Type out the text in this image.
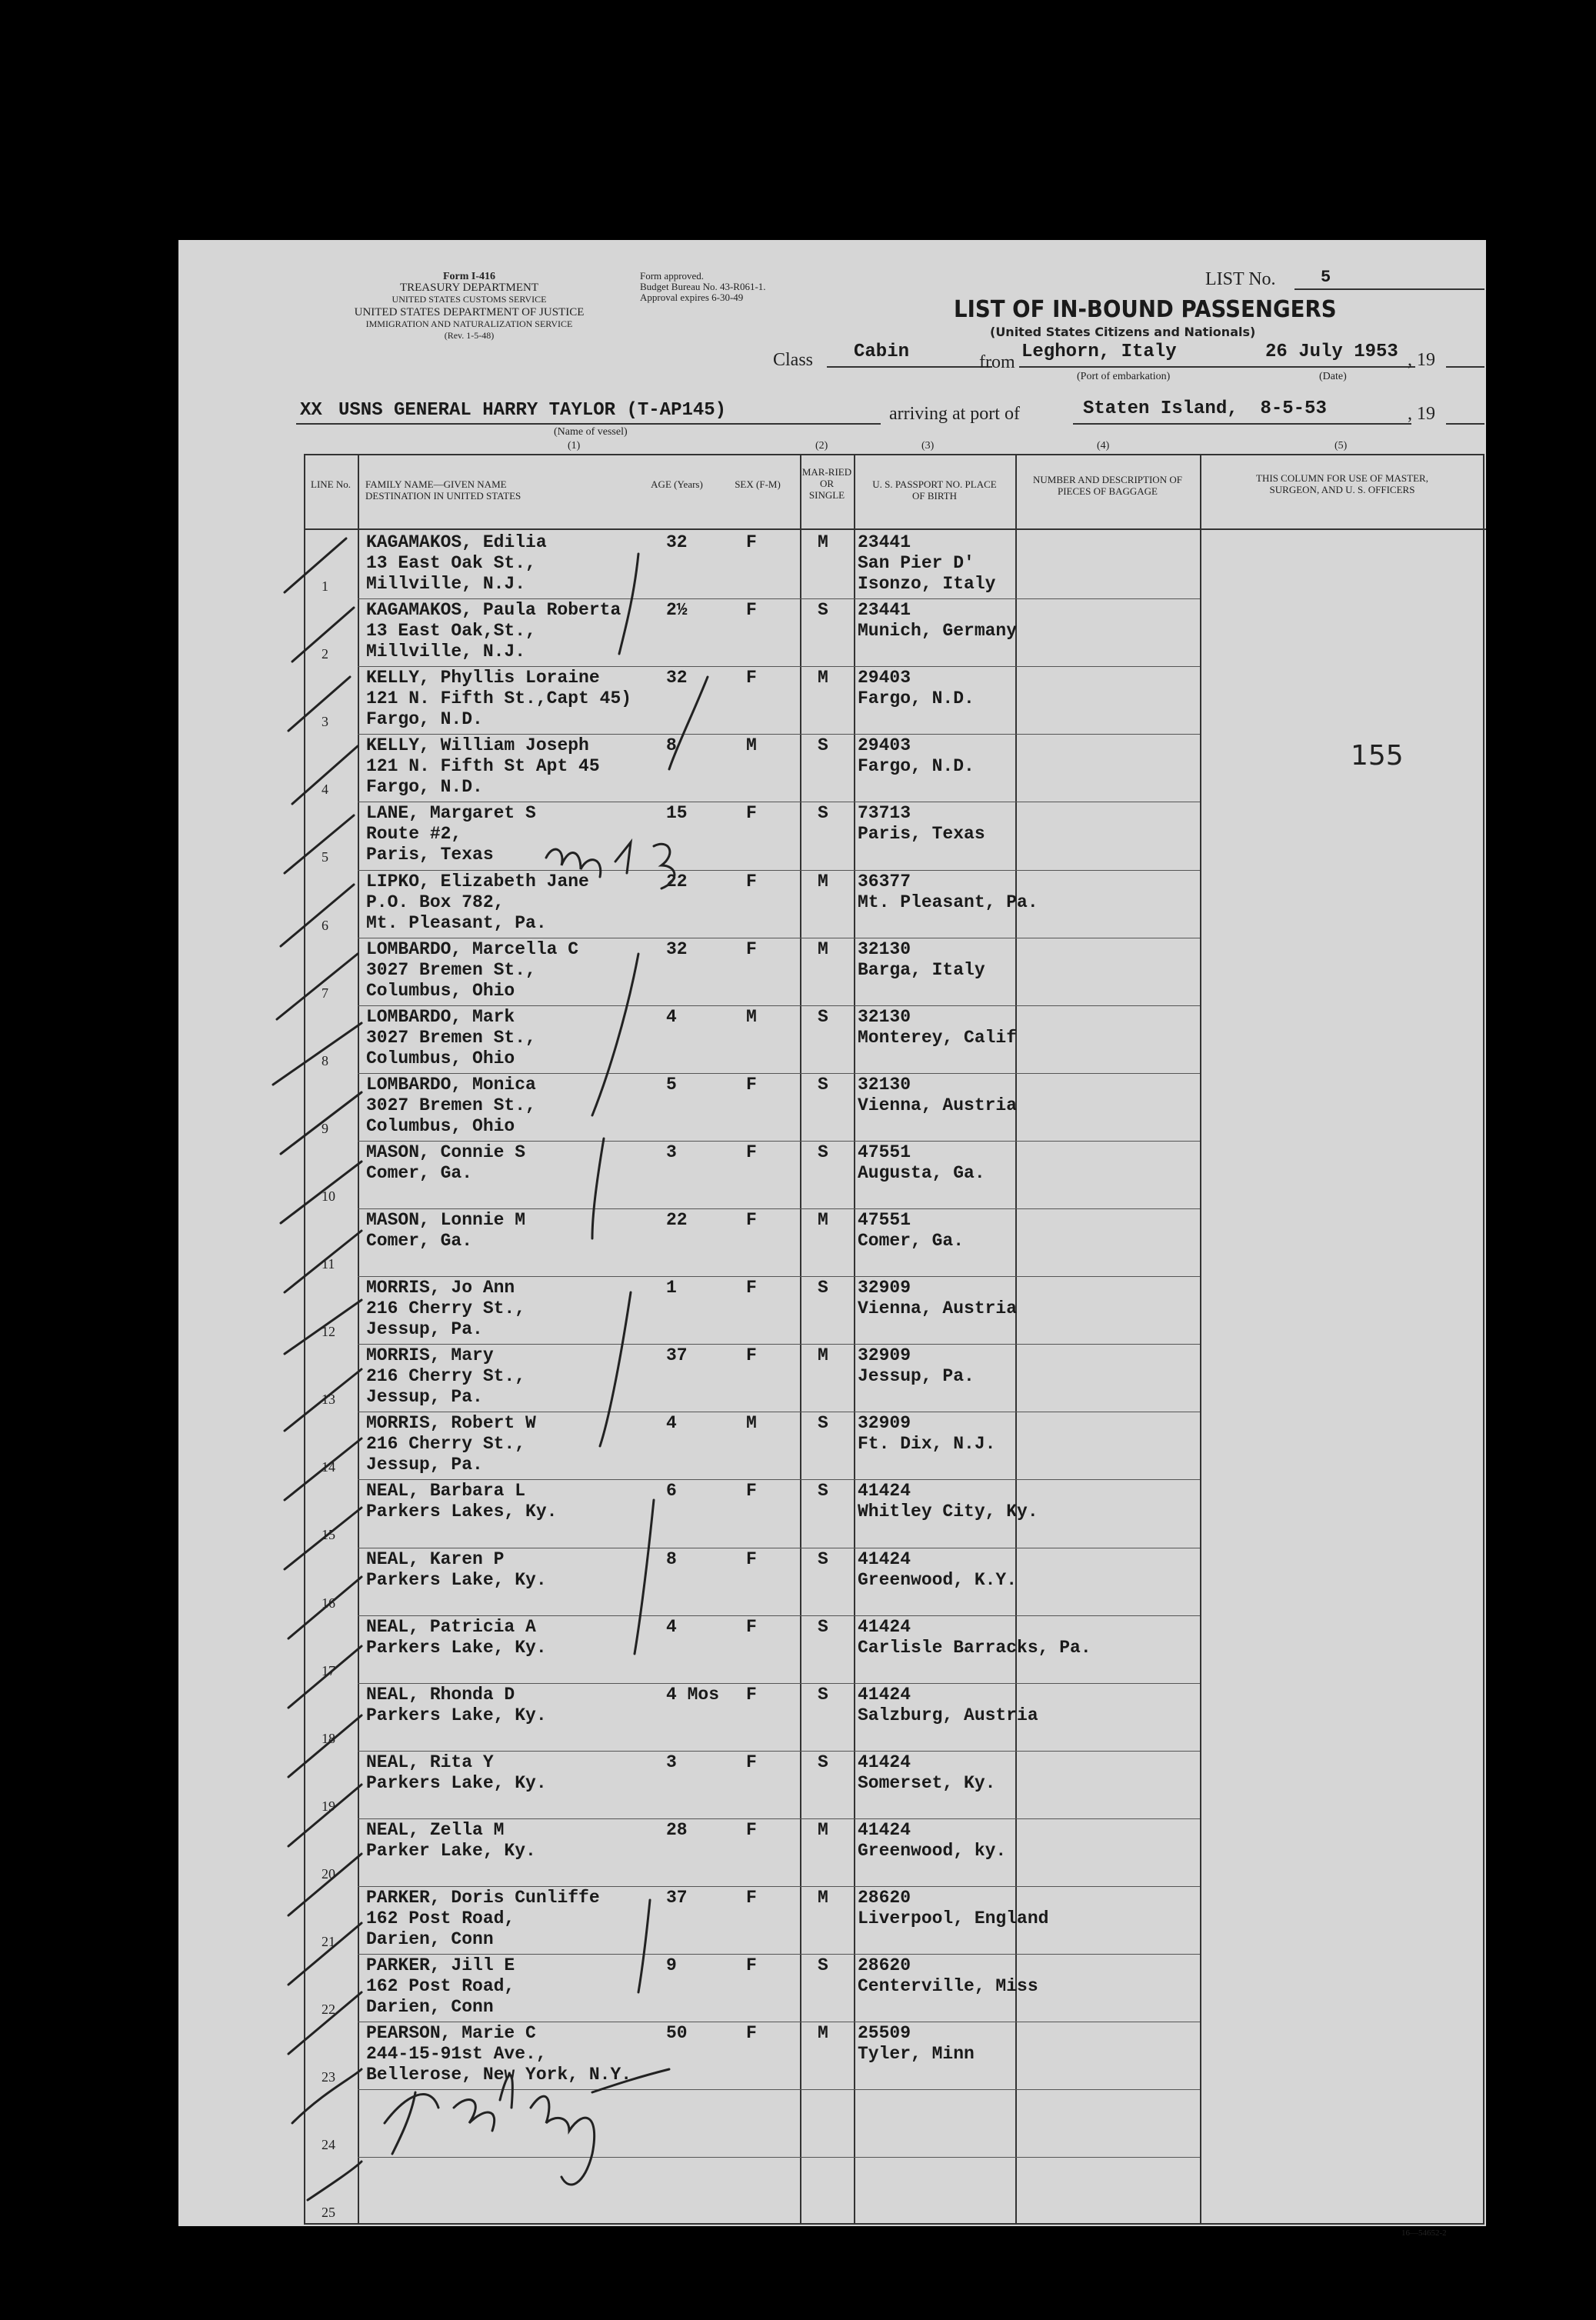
Form I-416
TREASURY DEPARTMENT
UNITED STATES CUSTOMS SERVICE
UNITED STATES DEPARTMENT OF JUSTICE
IMMIGRATION AND NATURALIZATION SERVICE
(Rev. 1-5-48)
Form approved.
Budget Bureau No. 43-R061-1.
Approval expires 6-30-49
LIST No.	5
LIST OF IN-BOUND PASSENGERS
(United States Citizens and Nationals)
Class Cabin	from Leghorn, Italy	26 July 1953 , 19
(Port of embarkation)	(Date)
XX USNS GENERAL HARRY TAYLOR (T-AP145)	arriving at port of	Staten Island,  8-5-53	, 19
(Name of vessel)
(1)	(2)	(3)	(4)	(5)
LINE No.	FAMILY NAME—GIVEN NAME DESTINATION IN UNITED STATES
AGE (Years)	SEX (F-M)
MAR-RIED OR SINGLE
U. S. PASSPORT NO. PLACE OF BIRTH
NUMBER AND DESCRIPTION OF PIECES OF BAGGAGE
THIS COLUMN FOR USE OF MASTER, SURGEON, AND U. S. OFFICERS
1
KAGAMAKOS, Edilia
13 East Oak St.,
Millville, N.J.
32	F	M 23441
San Pier D'
Isonzo, Italy
2
KAGAMAKOS, Paula Roberta
13 East Oak,St.,
Millville, N.J.
2½	F	S 23441
Munich, Germany
3
KELLY, Phyllis Loraine
121 N. Fifth St.,Capt 45)
Fargo, N.D.
32	F	M 29403
Fargo, N.D.
4
KELLY, William Joseph
121 N. Fifth St Apt 45
Fargo, N.D.
8	M	S 29403
Fargo, N.D.
5
LANE, Margaret S
Route #2,
Paris, Texas
15	F	S 73713
Paris, Texas
6
LIPKO, Elizabeth Jane
P.O. Box 782,
Mt. Pleasant, Pa.
22	F	M 36377
Mt. Pleasant, Pa.
7
LOMBARDO, Marcella C
3027 Bremen St.,
Columbus, Ohio
32	F	M 32130
Barga, Italy
8
LOMBARDO, Mark
3027 Bremen St.,
Columbus, Ohio
4	M	S 32130
Monterey, Calif
9
LOMBARDO, Monica
3027 Bremen St.,
Columbus, Ohio
5	F	S 32130
Vienna, Austria
10
MASON, Connie S
Comer, Ga.
3	F	S 47551
Augusta, Ga.
11
MASON, Lonnie M
Comer, Ga.
22	F	M 47551
Comer, Ga.
12
MORRIS, Jo Ann
216 Cherry St.,
Jessup, Pa.
1	F	S 32909
Vienna, Austria
13
MORRIS, Mary
216 Cherry St.,
Jessup, Pa.
37	F	M 32909
Jessup, Pa.
14
MORRIS, Robert W
216 Cherry St.,
Jessup, Pa.
4	M	S 32909
Ft. Dix, N.J.
15
NEAL, Barbara L
Parkers Lakes, Ky.
6	F	S 41424
Whitley City, Ky.
16
NEAL, Karen P
Parkers Lake, Ky.
8	F	S 41424
Greenwood, K.Y.
17
NEAL, Patricia A
Parkers Lake, Ky.
4	F	S 41424
Carlisle Barracks, Pa.
18
NEAL, Rhonda D
Parkers Lake, Ky.
4 Mos F	S 41424
Salzburg, Austria
19
NEAL, Rita Y
Parkers Lake, Ky.
3	F	S 41424
Somerset, Ky.
20
NEAL, Zella M
Parker Lake, Ky.
28	F	M 41424
Greenwood, ky.
21
PARKER, Doris Cunliffe
162 Post Road,
Darien, Conn
37	F	M 28620
Liverpool, England
22
PARKER, Jill E
162 Post Road,
Darien, Conn
9	F	S 28620
Centerville, Miss
23
PEARSON, Marie C
244-15-91st Ave.,
Bellerose, New York, N.Y.
50	F	M 25509
Tyler, Minn
24
25
155
16—54652-2
